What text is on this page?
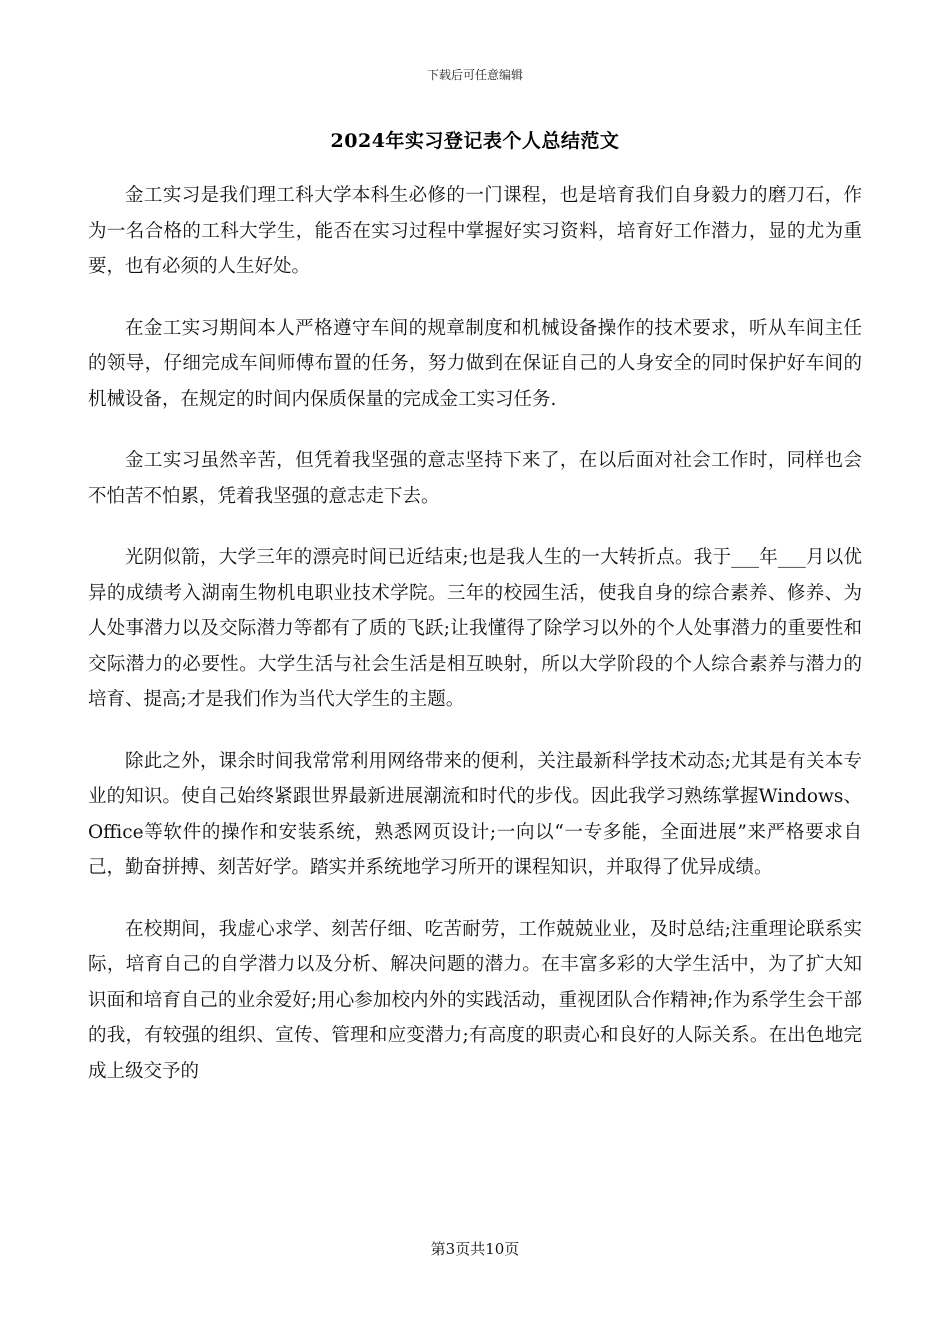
下载后可任意编辑
2024年实习登记表个人总结范文

金工实习是我们理工科大学本科生必修的一门课程，也是培育我们自身毅力的磨刀石，作为一名合格的工科大学生，能否在实习过程中掌握好实习资料，培育好工作潜力，显的尤为重要，也有必须的人生好处。

在金工实习期间本人严格遵守车间的规章制度和机械设备操作的技术要求，听从车间主任的领导，仔细完成车间师傅布置的任务，努力做到在保证自己的人身安全的同时保护好车间的机械设备，在规定的时间内保质保量的完成金工实习任务.

金工实习虽然辛苦，但凭着我坚强的意志坚持下来了，在以后面对社会工作时，同样也会不怕苦不怕累，凭着我坚强的意志走下去。

光阴似箭，大学三年的漂亮时间已近结束;也是我人生的一大转折点。我于___年___月以优异的成绩考入湖南生物机电职业技术学院。三年的校园生活，使我自身的综合素养、修养、为人处事潜力以及交际潜力等都有了质的飞跃;让我懂得了除学习以外的个人处事潜力的重要性和交际潜力的必要性。大学生活与社会生活是相互映射，所以大学阶段的个人综合素养与潜力的培育、提高;才是我们作为当代大学生的主题。

除此之外，课余时间我常常利用网络带来的便利，关注最新科学技术动态;尤其是有关本专业的知识。使自己始终紧跟世界最新进展潮流和时代的步伐。因此我学习熟练掌握Windows、Office等软件的操作和安装系统，熟悉网页设计;一向以“一专多能，全面进展”来严格要求自己，勤奋拼搏、刻苦好学。踏实并系统地学习所开的课程知识，并取得了优异成绩。

在校期间，我虚心求学、刻苦仔细、吃苦耐劳，工作兢兢业业，及时总结;注重理论联系实际，培育自己的自学潜力以及分析、解决问题的潜力。在丰富多彩的大学生活中，为了扩大知识面和培育自己的业余爱好;用心参加校内外的实践活动，重视团队合作精神;作为系学生会干部的我，有较强的组织、宣传、管理和应变潜力;有高度的职责心和良好的人际关系。在出色地完成上级交予的

第3页共10页
